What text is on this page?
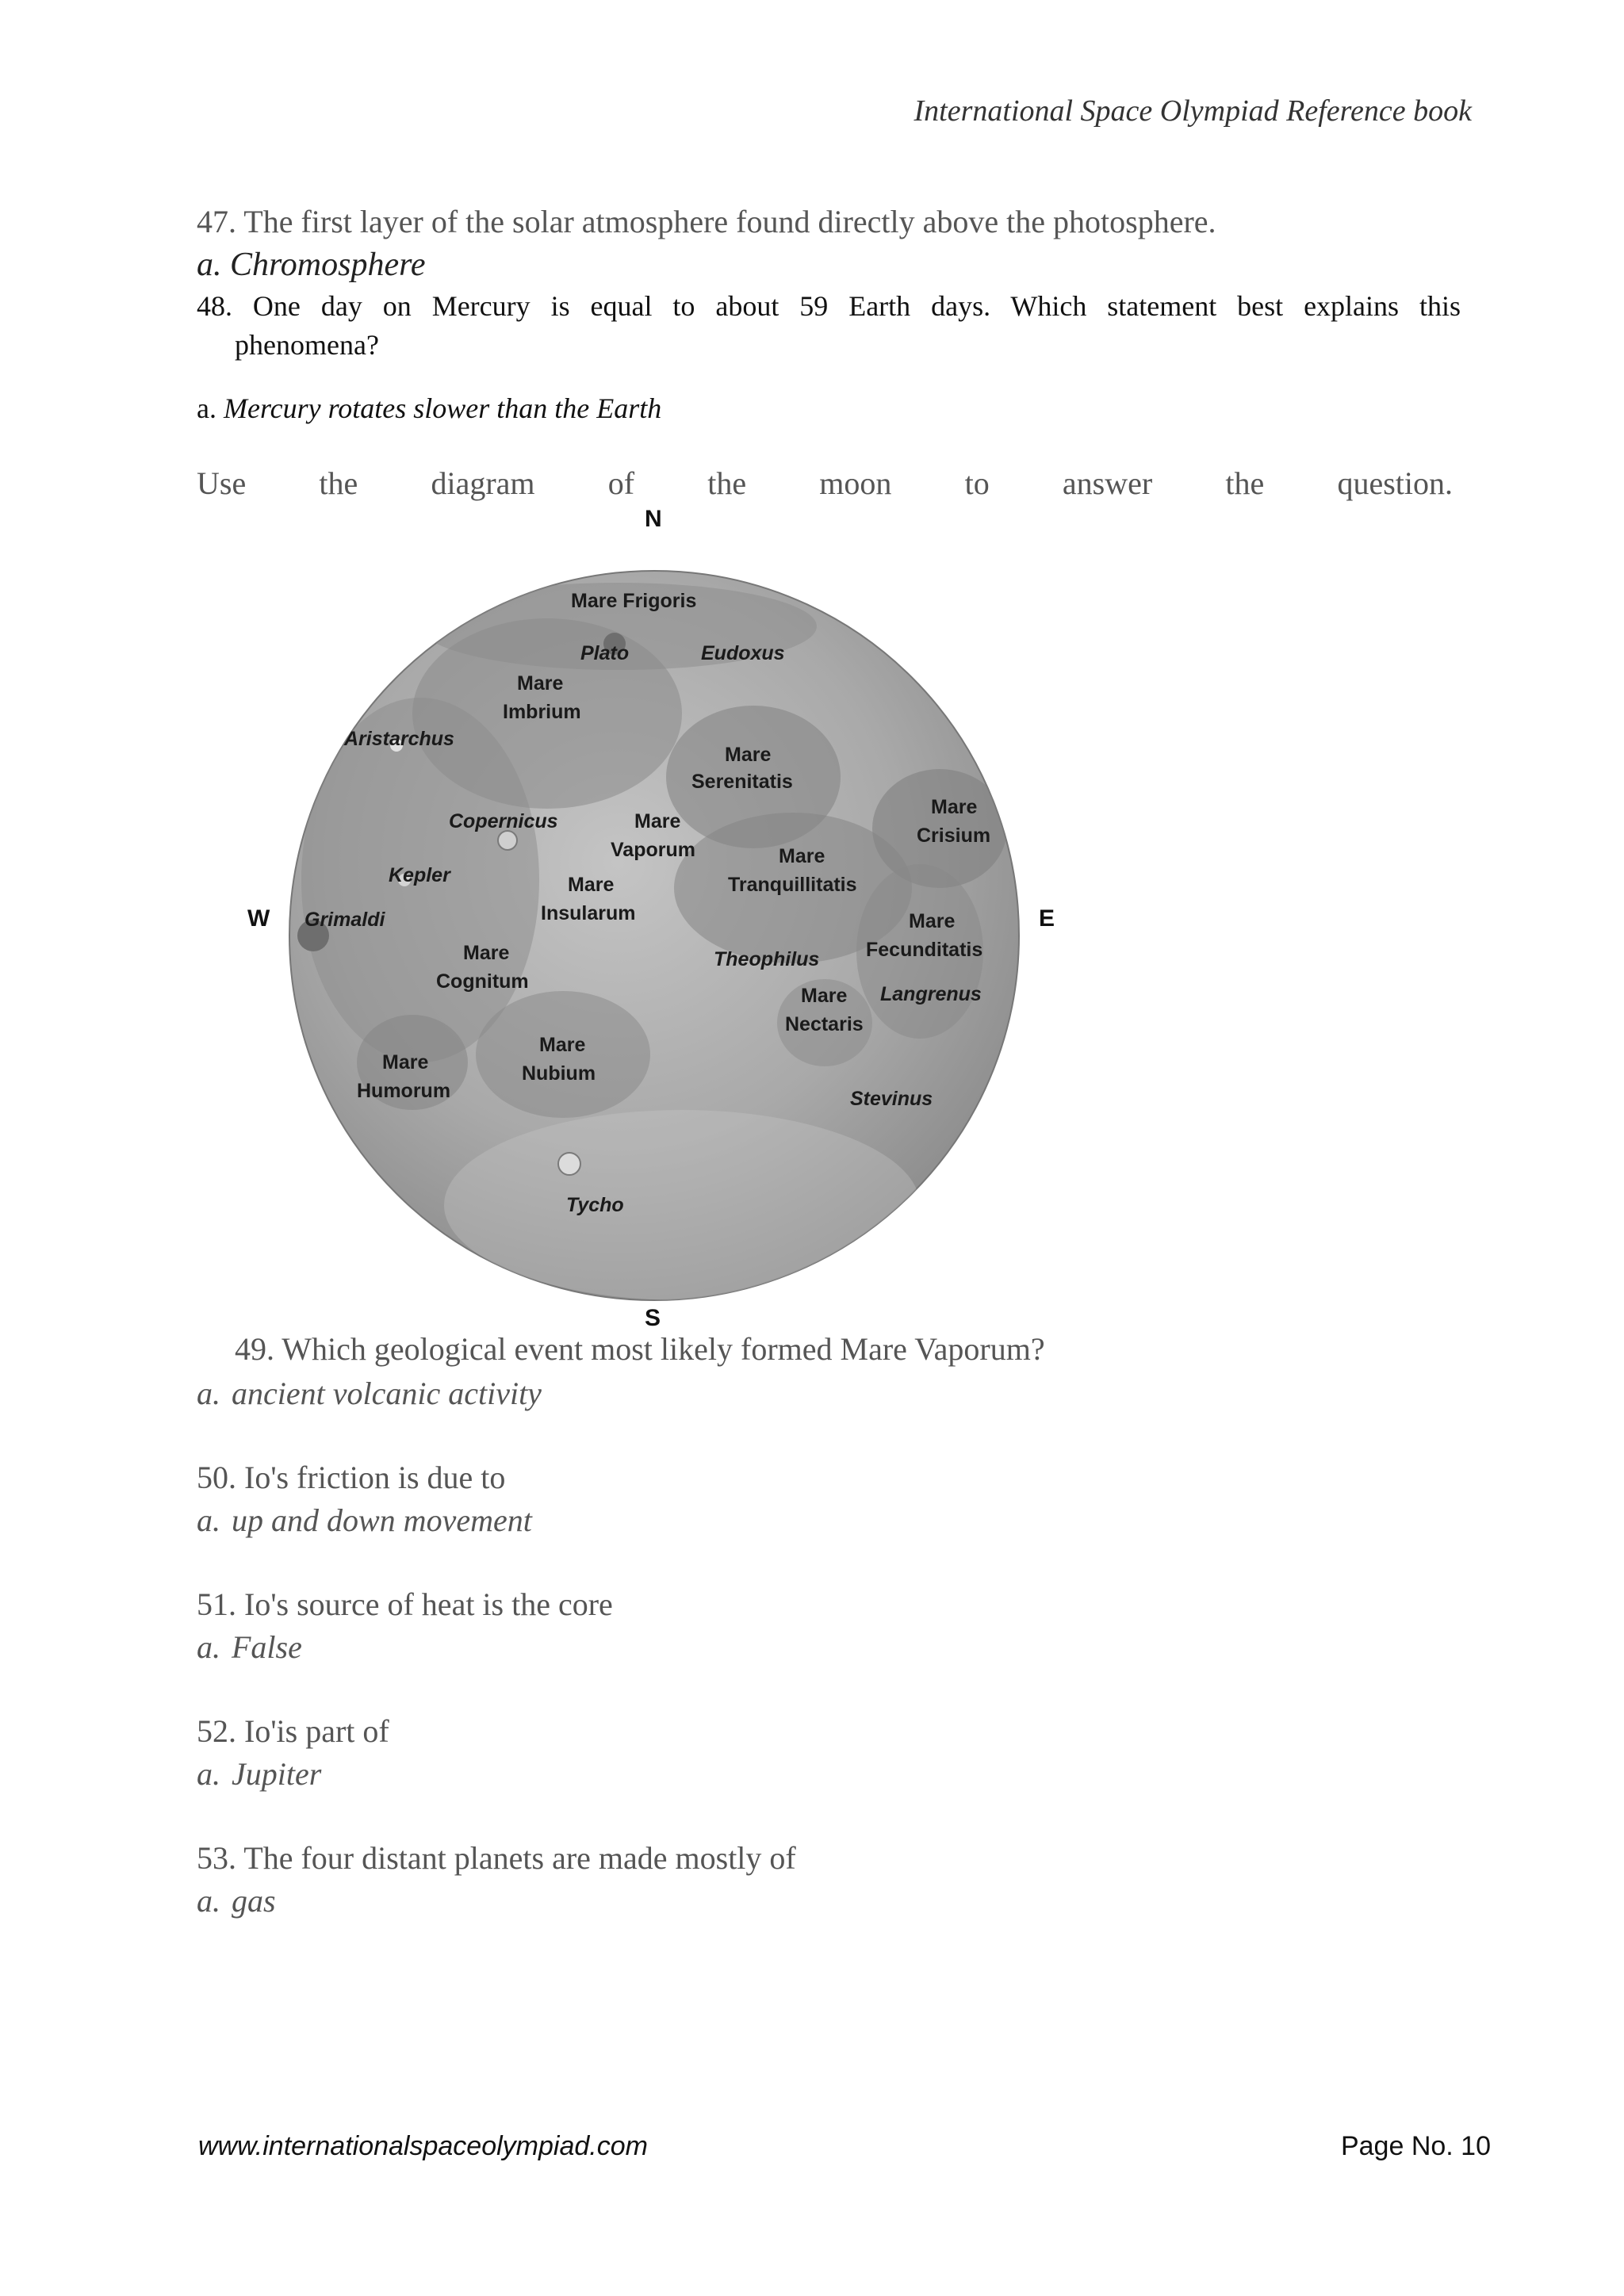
International Space Olympiad Reference book
47. The first layer of the solar atmosphere found directly above the photosphere.
a. Chromosphere
48. One day on Mercury is equal to about 59 Earth days. Which statement best explains this
phenomena?
a. Mercury rotates slower than the Earth
Use the diagram of the moon to answer the question.
N
S
W	E
Mare Frigoris
Plato	Eudoxus
Mare
Imbrium
Aristarchus
Mare
Serenitatis
Mare
Crisium
Copernicus	Mare
Vaporum	Mare
Tranquillitatis
Kepler	Mare
Insularum
Grimaldi	Mare
Fecunditatis
Mare
Cognitum
Theophilus
Mare
Nectaris
Langrenus
Mare
Humorum
Mare
Nubium
Stevinus
Tycho
49. Which geological event most likely formed Mare Vaporum?
a. ancient volcanic activity
50. Io's friction is due to
a. up and down movement
51. Io's source of heat is the core
a. False
52. Io'is part of
a. Jupiter
53. The four distant planets are made mostly of
a. gas
www.internationalspaceolympiad.com	Page No. 10
